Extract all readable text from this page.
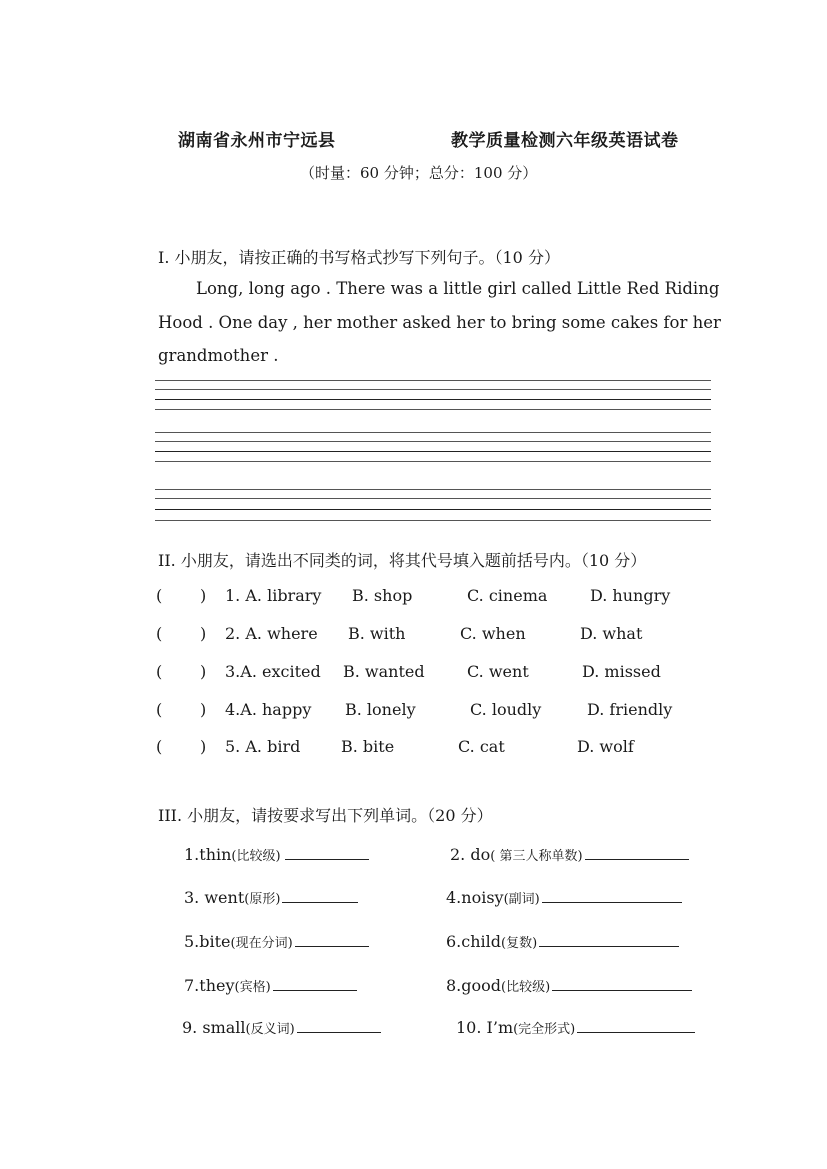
湖南省永州市宁远县	教学质量检测六年级英语试卷
（时量：60 分钟；总分：100 分）
I. 小朋友，请按正确的书写格式抄写下列句子。（10 分）
Long, long ago . There was a little girl called Little Red Riding
Hood . One day , her mother asked her to bring some cakes for her
grandmother .
II. 小朋友，请选出不同类的词，将其代号填入题前括号内。（10 分）
( ) 1. A. library B. shop	C. cinema	D. hungry
( ) 2. A. where B. with	C. when	D. what
( ) 3.A. excited B. wanted	C. went	D. missed
( ) 4.A. happy B. lonely	C. loudly	D. friendly
( ) 5. A. bird	B. bite	C. cat	D. wolf
III. 小朋友，请按要求写出下列单词。（20 分）
1.thin(比较级)	2. do( 第三人称单数)
3. went(原形)	4.noisy(副词)
5.bite(现在分词)	6.child(复数)
7.they(宾格)	8.good(比较级)
9. small(反义词)	10. I’m(完全形式)
